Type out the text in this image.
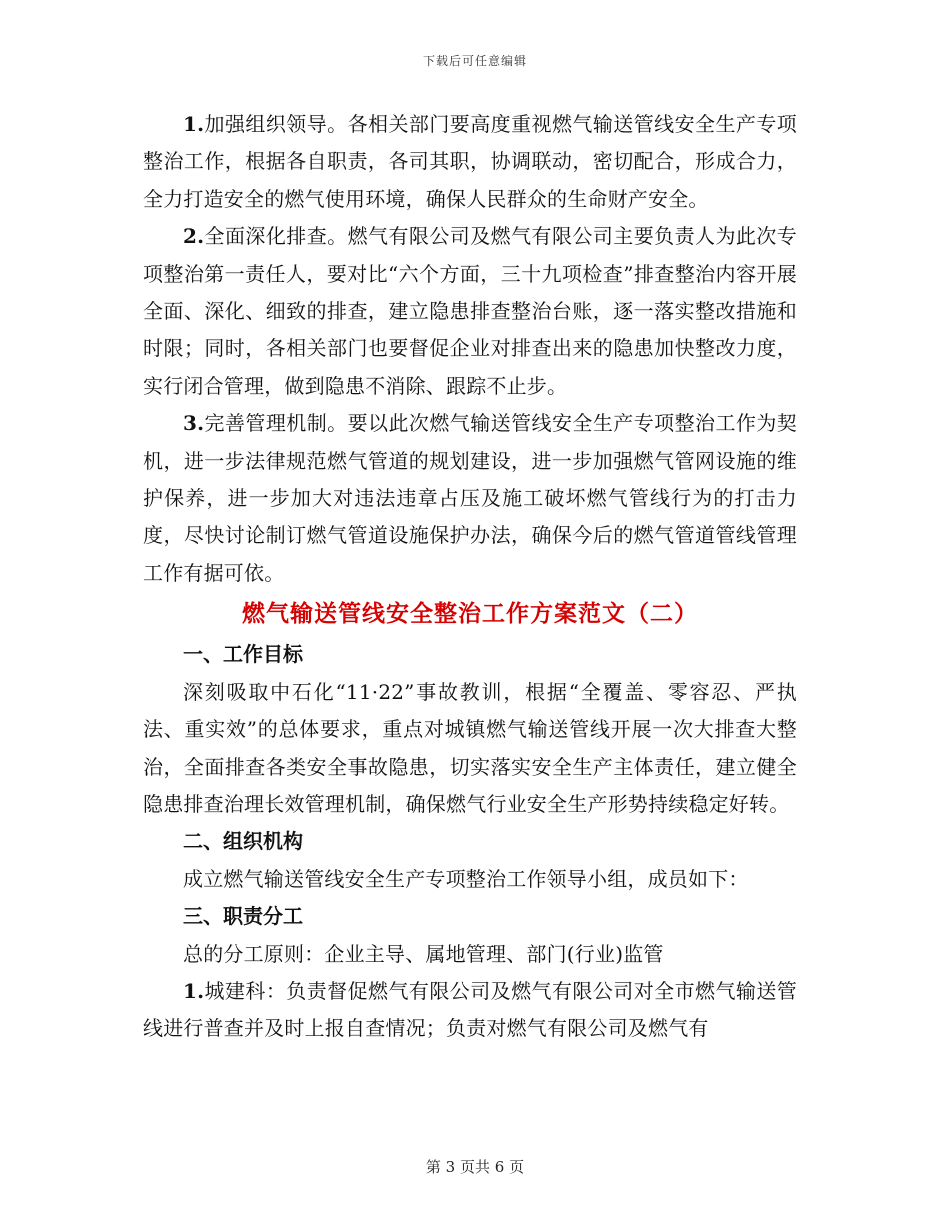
下载后可任意编辑

1.加强组织领导。各相关部门要高度重视燃气输送管线安全生产专项整治工作，根据各自职责，各司其职，协调联动，密切配合，形成合力，全力打造安全的燃气使用环境，确保人民群众的生命财产安全。

2.全面深化排查。燃气有限公司及燃气有限公司主要负责人为此次专项整治第一责任人，要对比“六个方面，三十九项检查”排查整治内容开展全面、深化、细致的排查，建立隐患排查整治台账，逐一落实整改措施和时限；同时，各相关部门也要督促企业对排查出来的隐患加快整改力度，实行闭合管理，做到隐患不消除、跟踪不止步。

3.完善管理机制。要以此次燃气输送管线安全生产专项整治工作为契机，进一步法律规范燃气管道的规划建设，进一步加强燃气管网设施的维护保养，进一步加大对违法违章占压及施工破坏燃气管线行为的打击力度，尽快讨论制订燃气管道设施保护办法，确保今后的燃气管道管线管理工作有据可依。

燃气输送管线安全整治工作方案范文（二）
一、工作目标

深刻吸取中石化“11·22”事故教训，根据“全覆盖、零容忍、严执法、重实效”的总体要求，重点对城镇燃气输送管线开展一次大排查大整治，全面排查各类安全事故隐患，切实落实安全生产主体责任，建立健全隐患排查治理长效管理机制，确保燃气行业安全生产形势持续稳定好转。

二、组织机构

成立燃气输送管线安全生产专项整治工作领导小组，成员如下：

三、职责分工

总的分工原则：企业主导、属地管理、部门(行业)监管

1.城建科：负责督促燃气有限公司及燃气有限公司对全市燃气输送管线进行普查并及时上报自查情况；负责对燃气有限公司及燃气有

第 3 页共 6 页
